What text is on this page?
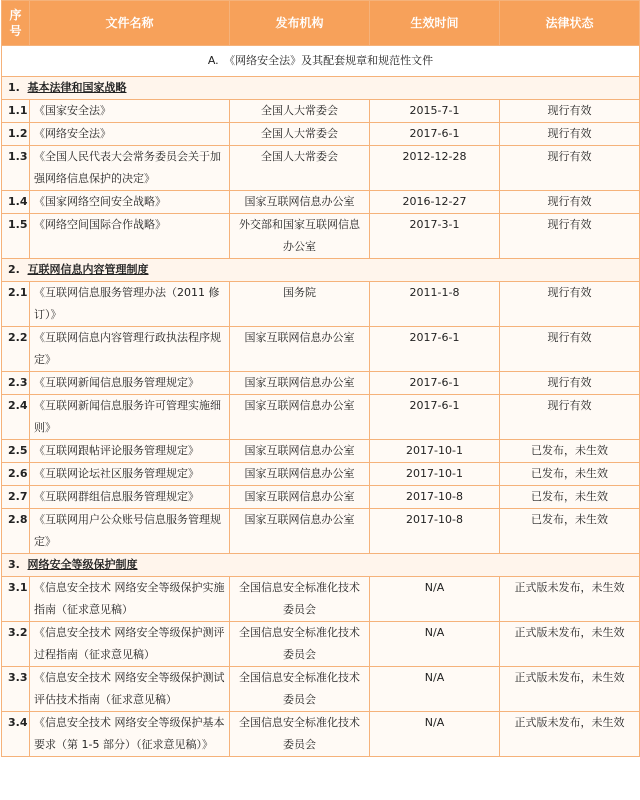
序号	文件名称	发布机构	生效时间	法律状态
A.　《网络安全法》及其配套规章和规范性文件				
1. 基本法律和国家战略				
1.1	《国家安全法》	全国人大常委会	2015-7-1	现行有效
1.2	《网络安全法》	全国人大常委会	2017-6-1	现行有效
1.3	《全国人民代表大会常务委员会关于加强网络信息保护的决定》	全国人大常委会	2012-12-28	现行有效
1.4	《国家网络空间安全战略》	国家互联网信息办公室	2016-12-27	现行有效
1.5	《网络空间国际合作战略》	外交部和国家互联网信息办公室	2017-3-1	现行有效
2. 互联网信息内容管理制度				
2.1	《互联网信息服务管理办法（2011 修订）》	国务院	2011-1-8	现行有效
2.2	《互联网信息内容管理行政执法程序规定》	国家互联网信息办公室	2017-6-1	现行有效
2.3	《互联网新闻信息服务管理规定》	国家互联网信息办公室	2017-6-1	现行有效
2.4	《互联网新闻信息服务许可管理实施细则》	国家互联网信息办公室	2017-6-1	现行有效
2.5	《互联网跟帖评论服务管理规定》	国家互联网信息办公室	2017-10-1	已发布，未生效
2.6	《互联网论坛社区服务管理规定》	国家互联网信息办公室	2017-10-1	已发布，未生效
2.7	《互联网群组信息服务管理规定》	国家互联网信息办公室	2017-10-8	已发布，未生效
2.8	《互联网用户公众账号信息服务管理规定》	国家互联网信息办公室	2017-10-8	已发布，未生效
3. 网络安全等级保护制度				
3.1	《信息安全技术 网络安全等级保护实施指南（征求意见稿）	全国信息安全标准化技术委员会	N/A	正式版未发布，未生效
3.2	《信息安全技术 网络安全等级保护测评过程指南（征求意见稿）	全国信息安全标准化技术委员会	N/A	正式版未发布，未生效
3.3	《信息安全技术 网络安全等级保护测试评估技术指南（征求意见稿）	全国信息安全标准化技术委员会	N/A	正式版未发布，未生效
3.4	《信息安全技术 网络安全等级保护基本要求（第 1-5 部分）（征求意见稿）》	全国信息安全标准化技术委员会	N/A	正式版未发布，未生效
